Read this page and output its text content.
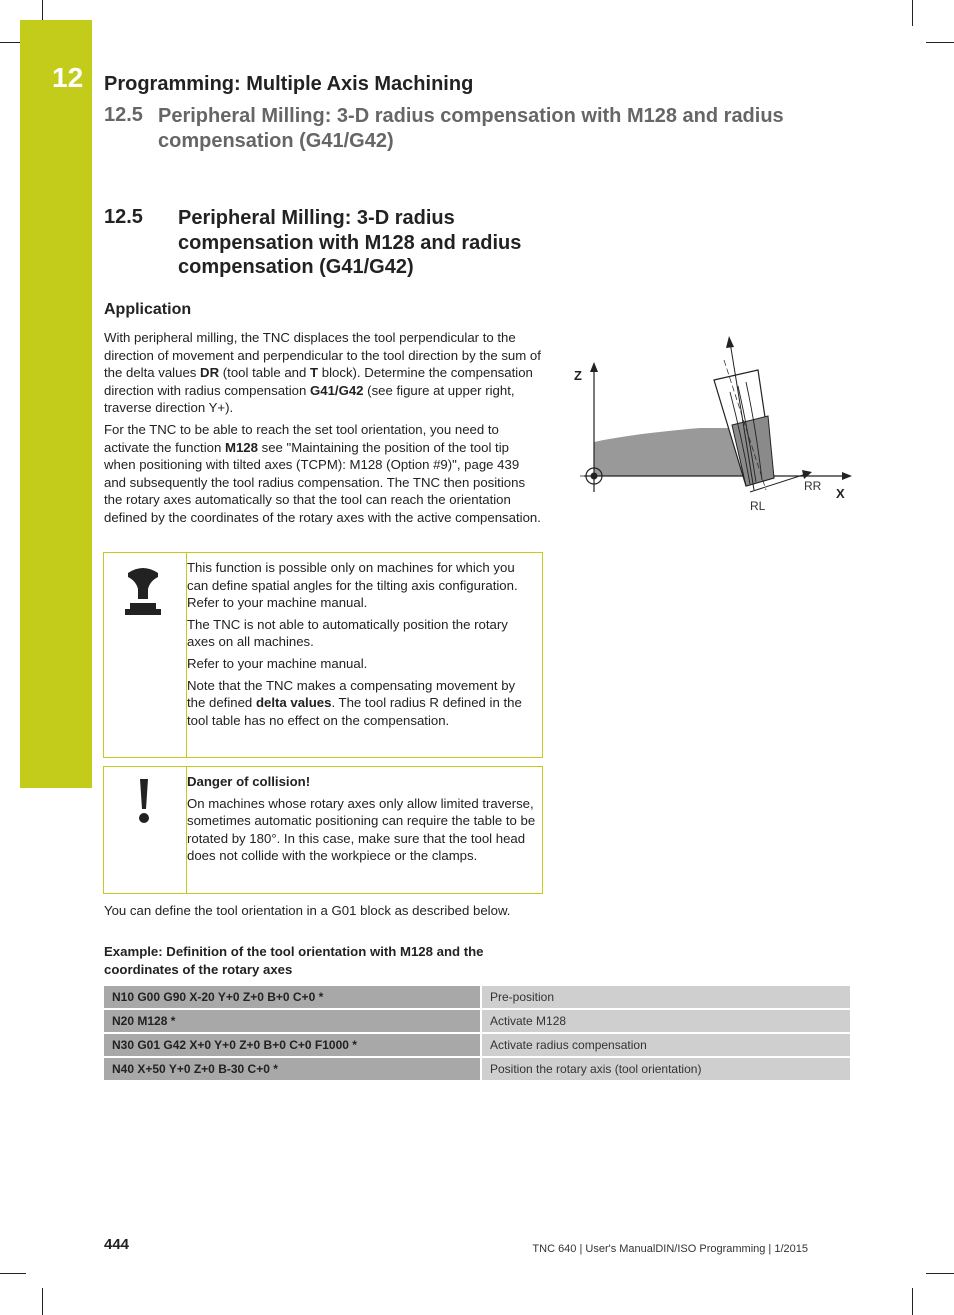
12 Programming: Multiple Axis Machining
12.5 Peripheral Milling: 3-D radius compensation with M128 and radius compensation (G41/G42)
12.5 Peripheral Milling: 3-D radius compensation with M128 and radius compensation (G41/G42)
Application

With peripheral milling, the TNC displaces the tool perpendicular to the direction of movement and perpendicular to the tool direction by the sum of the delta values DR (tool table and T block). Determine the compensation direction with radius compensation G41/G42 (see figure at upper right, traverse direction Y+).

For the TNC to be able to reach the set tool orientation, you need to activate the function M128 see "Maintaining the position of the tool tip when positioning with tilted axes (TCPM): M128 (Option #9)", page 439 and subsequently the tool radius compensation. The TNC then positions the rotary axes automatically so that the tool can reach the orientation defined by the coordinates of the rotary axes with the active compensation.

Z
X
RR
RL

This function is possible only on machines for which you can define spatial angles for the tilting axis configuration. Refer to your machine manual.

The TNC is not able to automatically position the rotary axes on all machines.

Refer to your machine manual.

Note that the TNC makes a compensating movement by the defined delta values. The tool radius R defined in the tool table has no effect on the compensation.

Danger of collision!

On machines whose rotary axes only allow limited traverse, sometimes automatic positioning can require the table to be rotated by 180°. In this case, make sure that the tool head does not collide with the workpiece or the clamps.

You can define the tool orientation in a G01 block as described below.

Example: Definition of the tool orientation with M128 and the coordinates of the rotary axes

N10 G00 G90 X-20 Y+0 Z+0 B+0 C+0 *	Pre-position
N20 M128 *	Activate M128
N30 G01 G42 X+0 Y+0 Z+0 B+0 C+0 F1000 *	Activate radius compensation
N40 X+50 Y+0 Z+0 B-30 C+0 *	Position the rotary axis (tool orientation)
444	TNC 640 | User's ManualDIN/ISO Programming | 1/2015
